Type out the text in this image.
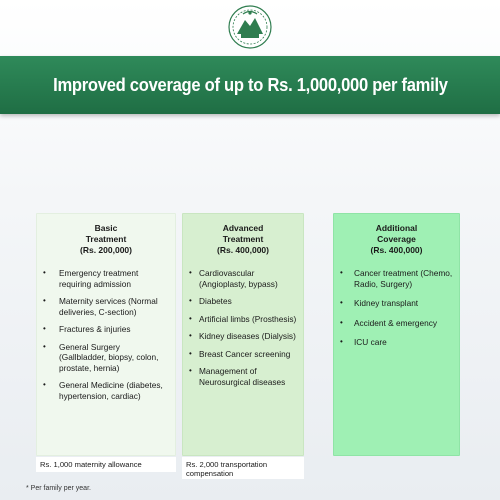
Improved coverage of up to Rs. 1,000,000 per family
Basic
Treatment
(Rs. 200,000)
• Emergency treatment requiring admission
• Maternity services (Normal deliveries, C-section)
• Fractures & injuries
• General Surgery (Gallbladder, biopsy, colon, prostate, hernia)
• General Medicine (diabetes, hypertension, cardiac)
Advanced
Treatment
(Rs. 400,000)
• Cardiovascular (Angioplasty, bypass)
• Diabetes
• Artificial limbs (Prosthesis)
• Kidney diseases (Dialysis)
• Breast Cancer screening
• Management of Neurosurgical diseases
Additional
Coverage
(Rs. 400,000)
• Cancer treatment (Chemo, Radio, Surgery)
• Kidney transplant
• Accident & emergency
• ICU care
Rs. 1,000 maternity allowance	Rs. 2,000 transportation compensation
* Per family per year.
